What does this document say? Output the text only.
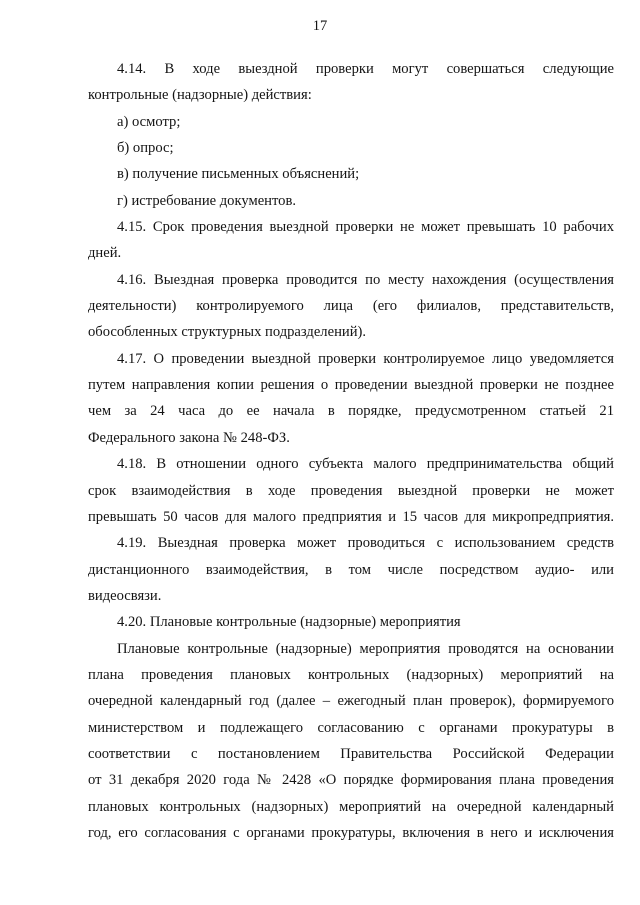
17
4.14. В ходе выездной проверки могут совершаться следующие
контрольные (надзорные) действия:
а) осмотр;
б) опрос;
в) получение письменных объяснений;
г) истребование документов.
4.15. Срок проведения выездной проверки не может превышать 10 рабочих
дней.
4.16. Выездная проверка проводится по месту нахождения (осуществления
деятельности) контролируемого лица (его филиалов, представительств,
обособленных структурных подразделений).
4.17. О проведении выездной проверки контролируемое лицо уведомляется
путем направления копии решения о проведении выездной проверки не позднее
чем за 24 часа до ее начала в порядке, предусмотренном статьей 21
Федерального закона № 248-ФЗ.
4.18. В отношении одного субъекта малого предпринимательства общий
срок взаимодействия в ходе проведения выездной проверки не может
превышать 50 часов для малого предприятия и 15 часов для микропредприятия.
4.19. Выездная проверка может проводиться с использованием средств
дистанционного взаимодействия, в том числе посредством аудио- или
видеосвязи.
4.20. Плановые контрольные (надзорные) мероприятия
Плановые контрольные (надзорные) мероприятия проводятся на основании
плана проведения плановых контрольных (надзорных) мероприятий на
очередной календарный год (далее – ежегодный план проверок), формируемого
министерством и подлежащего согласованию с органами прокуратуры в
соответствии с постановлением Правительства Российской Федерации
от 31 декабря 2020 года № 2428 «О порядке формирования плана проведения
плановых контрольных (надзорных) мероприятий на очередной календарный
год, его согласования с органами прокуратуры, включения в него и исключения
